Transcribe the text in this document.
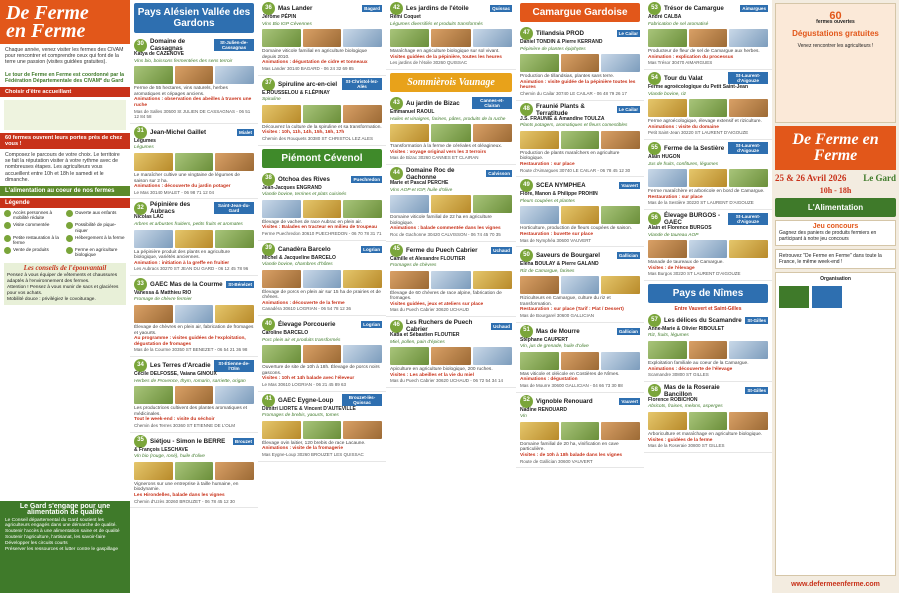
De Ferme
en Ferme
Chaque année, venez visiter les fermes des CIVAM pour rencontrer et comprendre ceux qui font de la terre une passion (visites guidées gratuites).
Le tour de Ferme en Ferme est coordonné par la Fédération Départementale des CIVAM* du Gard
Choisir d'être accueillant
60 fermes ouvrent leurs portes près de chez vous !
Composez le parcours de votre choix. Le territoire se fait la réputation visiter à votre rythme avec de nombreuses étapes. Les agriculteurs vous accueillent entre 10h et 18h le samedi et le dimanche.
L'alimentation au coeur de nos fermes
Légende
Accès personnes à mobilité réduite
Ouverte aux enfants
Visite commentée	Possibilité de pique-niquer
Petite restauration à la ferme
Hébergement à la ferme
Vente de produits	Ferme en agriculture biologique
Les conseils de l'épouvantail
Pensez à vous équiper de vêtements et chaussures adaptés à l'environnement des fermes.
Attention ! Pensez à vous munir de sacs et glacières pour vos achats.
Mobilité douce : privilégiez le covoiturage.
Le Gard s'engage pour une alimentation de qualité
Le Conseil départemental du Gard soutient les agriculteurs engagés dans une démarche de qualité.
Soutenir l'accès à une alimentation saine et de qualité
Soutenir l'agriculture, l'artisanat, les savoir-faire
Développer les circuits courts
Préserver les ressources et lutter contre le gaspillage
Pays Alésien Vallée des Gardons
30 Domaine de Cassagnas
St-Julien-de-Cassagnas
Katya de CAZENOVE
Vins bio, boissons fermentées des sens terroir
Ferme de 55 hectares, vins naturels, herbes aromatiques et cépages anciens.
Animations : observation des abeilles à travers une ruche
Mas de Salles 30500 St JULIEN DE CASSAGNAS - 06 51 12 84 58
31 Jean-Michel Gaillet	Mialet
Légumes
Légumes
Le maraîcher cultive une vingtaine de légumes de saison sur 2 ha.
Animations : découverte du jardin potager
Le Mas 30140 MIALET - 06 98 71 12 04
32 Pépinière des Aubracs
Saint-Jean-du-Gard
Nicolas LAC
Arbres et arbustes fruitiers, petits fruits et aromates
La pépinière produit des plants en agriculture biologique, variétés anciennes.
Animation : initiation à la greffe en fruitier
Les Aubracs 30270 ST JEAN DU GARD - 06 12 45 78 96
33 GAEC Mas de la Courme	St-Bénézet
Vanessa & Matthieu RIO
Fromage de chèvre fermier
Élevage de chèvres en plein air, fabrication de fromages et yaourts.
Au programme : visites guidées de l'exploitation, dégustation de fromages
Mas de la Courme 30350 ST BENEZET - 06 54 21 36 98
34 Les Terres d'Arcadie	St-Étienne-de-l'Olm
Cécile DELFOSSE, Vaiana GINOUX
Herbes de Provence, thym, romarin, sarriette, origan
Les productrices cultivent des plantes aromatiques et médicinales.
Tout le week-end : visite du séchoir
Chemin des Terres 30360 ST ETIENNE DE L'OLM
35 Siétjou - Simon le BERRE	Brouzet
& François LESCHAVE
Vin bio (rouge, rosé), huile d'olive
Vignerons sur une entreprise à taille humaine, en biodynamie.
Les Hirondelles, balade dans les vignes
Chemin d'Uzès 30260 BROUZET - 06 78 45 12 30
36 Mas Lander	Bagard
Jérôme PÉPIN
Vins Bio IGP Cévennes
Domaine viticole familial en agriculture biologique depuis 2010.
Animations : dégustation de cidre et tonneaux
Mas Lander 30140 BAGARD - 06 24 32 69 85
37 Spiruline arc-en-ciel	St-Christol-lez-Alès
E.ROUSSELOU & F.LÉPINAY
Spiruline
Découvrez la culture de la spiruline et sa transformation.
Visites : 10h, 11h, 14h, 15h, 16h, 17h
Chemin des Rouquets 30380 ST CHRISTOL LEZ ALES
Piémont Cévenol
38 Otchoa des Rives	Puechredon
Jean-Jacques ENGRAND
Viande bovine, terrines et plats cuisinés
Élevage de vaches de race Aubrac en plein air.
Visites : Balades en tracteur en milieu de troupeau
Ferme Puechredon 30610 PUECHREDON - 06 70 78 31 71
39 Canadèra Barcelo	Logrian
Michel & Jacqueline BARCELO
Viande bovine, chambres d'hôtes
Élevage de porcs en plein air sur 15 ha de prairies et de chênes.
Animations : découverte de la ferme
Canadèra 30610 LOGRIAN - 06 54 78 12 36
40 Élevage Porcouerie	Logrian
Caroline BARCELO
Porc plein air et produits transformés
Ouverture de site de 10h à 18h. Élevage de porcs noirs gascons.
Visites : 10h et 14h balade avec l'éleveur
Le Mas 30610 LOGRIAN - 06 21 45 89 63
41 GAEC Eygne-Loup	Brouzet-lès-Quissac
Dimitri LIORTE & Vincent D'AUTEVILLE
Fromages de brebis, yaourts, tomes
Élevage ovin laitier, 120 brebis de race Lacaune.
Animations : visite de la fromagerie
Mas Eygne-Loup 30260 BROUZET LES QUISSAC
42 Les jardins de l'étoile	Quissac
Rémi Coquet
Légumes diversifiés et produits transformés
Maraîchage en agriculture biologique sur sol vivant.
Visites guidées de la pépinière, toutes les heures
Les jardins de l'étoile 30260 QUISSAC
Sommièrois Vaunage
43 Au jardin de Bizac	Cannes-et-Clairan
Emmanuel RAOUL
Huiles et vinaigres, farines, pâtes, produits de la ruche
Transformation à la ferme de céréales et oléagineux.
Visites : voyage original vers les 3 terroirs
Mas de Bizac 30260 CANNES ET CLAIRAN
44 Domaine Roc de Gachonne	Calvisson
Marie et Pascal PERCHE
Vins AOP et IGP, huile d'olive
Domaine viticole familial de 22 ha en agriculture biologique.
Animations : balade commentée dans les vignes
Roc de Gachonne 30420 CALVISSON - 06 74 45 70 35
45 Ferme du Puech Cabrier	Uchaud
Camille et Alexandre FLOUTIER
Fromages de chèvres
Élevage de 60 chèvres de race alpine, fabrication de fromages.
Visites guidées, jeux et ateliers sur place
Mas du Puech Cabrier 30620 UCHAUD
46 Les Ruchers de Puech Cabrier	Uchaud
Katia et Sébastien FLOUTIER
Miel, pollen, pain d'épices
Apiculture en agriculture biologique, 200 ruches.
Visites : Les abeilles et la vie du miel
Mas du Puech Cabrier 30620 UCHAUD - 06 72 54 34 14
Camargue Gardoise
47 Tillandsia PROD	Le Cailar
Daniel TONDIN & Pierre KERRAND
Pépinière de plantes épiphytes
Production de tillandsias, plantes sans terre.
Animation : visite guidée de la pépinière toutes les heures
Chemin du Cailar 30740 LE CAILAR - 06 48 79 26 17
48 Fraunié Plants & Terratitude	Le Cailar
J.S. FRAUNIÉ & Amandine TOULZA
Plants potagers, aromatiques et fleurs comestibles
Production de plants maraîchers en agriculture biologique.
Restauration : sur place
Route d'Aimargues 30740 LE CAILAR - 06 78 45 12 30
49 SCEA NYMPHEA	Vauvert
Flore, Manon & Philippe PROHIN
Fleurs coupées et plantes
Horticulture, production de fleurs coupées de saison.
Restauration : buvette sur place
Mas de Nymphéa 30600 VAUVERT
50 Saveurs de Bourgarel	Gallician
Elena BOULAY & Pierre GALAND
Riz de Camargue, farines
Riziculteurs en Camargue, culture du riz et transformation.
Restauration : sur place (Tarif : Plat / Dessert)
Mas de Bourgarel 30600 GALLICIAN
51 Mas de Mourre	Gallician
Stéphane CAUPERT
Vin, jus de grenade, huile d'olive
Mas viticole et oléicole en Costières de Nîmes.
Animations : dégustation
Mas de Mourre 30600 GALLICIAN - 04 66 73 30 88
52 Vignoble Renouard	Vauvert
Nadine RENOUARD
Vin
Domaine familial de 20 ha, vinification en cave particulière.
Visites : de 10h à 18h balade dans les vignes
Route de Gallician 30600 VAUVERT
53 Trésor de Camargue	Aimargues
André CALBA
Fabrication de sel aromatisé
Producteur de fleur de sel de Camargue aux herbes.
Animation : explication du processus
Mas Trésor 30470 AIMARGUES
54 Tour du Valat	St-Laurent-d'Aigouze
Ferme agroécologique du Petit Saint-Jean
Viande bovine, riz
Ferme agroécologique, élevage extensif et riziculture.
Animations : visite du domaine
Petit Saint-Jean 30220 ST LAURENT D'AIGOUZE
55 Ferme de la Sestière	St-Laurent-d'Aigouze
Alain HUGON
Jus de fruits, confitures, légumes
Ferme maraîchère et arboricole en bord de Camargue.
Restauration : sur place
Mas de la Sestière 30220 ST LAURENT D'AIGOUZE
56 Élevage BURGOS - GAEC
St-Laurent-d'Aigouze
Alain et Florence BURGOS
Viande de taureau AOP
Manade de taureaux de Camargue.
Visites : de l'élevage
Mas Burgos 30220 ST LAURENT D'AIGOUZE
Pays de Nîmes
Entre Vauvert et Saint-Gilles
57 Les délices du Scamandre	St-Gilles
Anne-Marie & Olivier RIBOULET
Riz, fruits, légumes
Exploitation familiale au coeur de la Camargue.
Animations : découverte de l'élevage
Scamandre 30800 ST GILLES
58 Mas de la Roseraie Bancillon	St-Gilles
Florence ROBICHON
Abricots, fraises, melons, asperges
Arboriculture et maraîchage en agriculture biologique.
Visites : guidées de la ferme
Mas de la Roseraie 30800 ST GILLES
60
fermes ouvertes
Dégustations gratuites
Venez rencontrer les agriculteurs !
De Ferme en Ferme
25 & 26 Avril 2026 Le Gard
10h - 18h
L'Alimentation
Jeu concours
Gagnez des paniers de produits fermiers en participant à notre jeu concours
Retrouvez "De Ferme en Ferme" dans toute la France, le même week-end !
Organisation
www.defermeenferme.com
